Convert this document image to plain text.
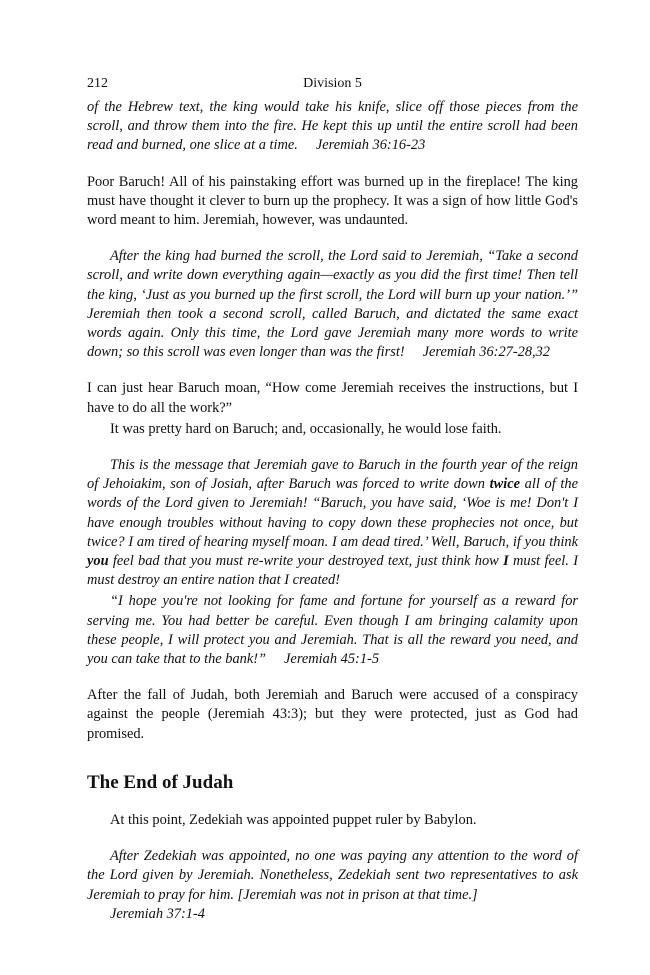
212	Division 5

of the Hebrew text, the king would take his knife, slice off those pieces from the scroll, and throw them into the fire. He kept this up until the entire scroll had been read and burned, one slice at a time. Jeremiah 36:16-23

Poor Baruch! All of his painstaking effort was burned up in the fireplace! The king must have thought it clever to burn up the prophecy. It was a sign of how little God's word meant to him. Jeremiah, however, was undaunted.

After the king had burned the scroll, the Lord said to Jeremiah, “Take a second scroll, and write down everything again—exactly as you did the first time! Then tell the king, ‘Just as you burned up the first scroll, the Lord will burn up your nation.’” Jeremiah then took a second scroll, called Baruch, and dictated the same exact words again. Only this time, the Lord gave Jeremiah many more words to write down; so this scroll was even longer than was the first! Jeremiah 36:27-28,32

I can just hear Baruch moan, “How come Jeremiah receives the instructions, but I have to do all the work?”

It was pretty hard on Baruch; and, occasionally, he would lose faith.

This is the message that Jeremiah gave to Baruch in the fourth year of the reign of Jehoiakim, son of Josiah, after Baruch was forced to write down twice all of the words of the Lord given to Jeremiah! “Baruch, you have said, ‘Woe is me! Don't I have enough troubles without having to copy down these prophecies not once, but twice? I am tired of hearing myself moan. I am dead tired.’ Well, Baruch, if you think you feel bad that you must re-write your destroyed text, just think how I must feel. I must destroy an entire nation that I created!

“I hope you're not looking for fame and fortune for yourself as a reward for serving me. You had better be careful. Even though I am bringing calamity upon these people, I will protect you and Jeremiah. That is all the reward you need, and you can take that to the bank!” Jeremiah 45:1-5

After the fall of Judah, both Jeremiah and Baruch were accused of a conspiracy against the people (Jeremiah 43:3); but they were protected, just as God had promised.

The End of Judah

At this point, Zedekiah was appointed puppet ruler by Babylon.

After Zedekiah was appointed, no one was paying any attention to the word of the Lord given by Jeremiah. Nonetheless, Zedekiah sent two representatives to ask Jeremiah to pray for him. [Jeremiah was not in prison at that time.]

Jeremiah 37:1-4
